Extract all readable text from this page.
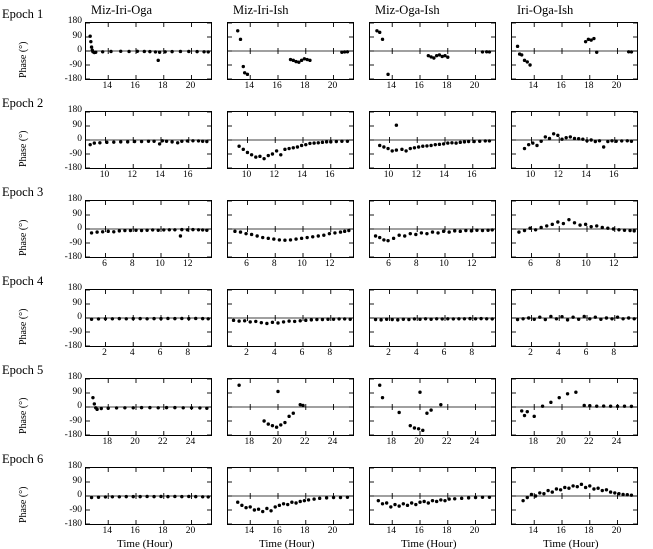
Miz-Iri-Oga	Miz-Iri-Ish	Miz-Oga-Ish	Iri-Oga-Ish
Epoch 1
Epoch 2
Epoch 3
Epoch 4
Epoch 5
Epoch 6
Phase (°)
Phase (°)
Phase (°)
Phase (°)
Phase (°)
Phase (°)
180
90
0
-90
-180
180
90
0
-90
-180
180
90
0
-90
-180
180
90
0
-90
-180
180
90
0
-90
-180
180
90
0
-90
-180
14	16	18	20	14	16	18	20	14	16	18	20	14	16	18	20
10	12	14	16	10	12	14	16	10	12	14	16	10	12	14	16
6	8	10	12	6	8	10	12	6	8	10	12	6	8	10	12
2	4	6	8	2	4	6	8	2	4	6	8	2	4	6	8
18	20	22	24	18	20	22	24	18	20	22	24	18	20	22	24
14	16	18	20	14	16	18	20	14	16	18	20	14	16	18	20
Time (Hour)	Time (Hour)	Time (Hour)	Time (Hour)
